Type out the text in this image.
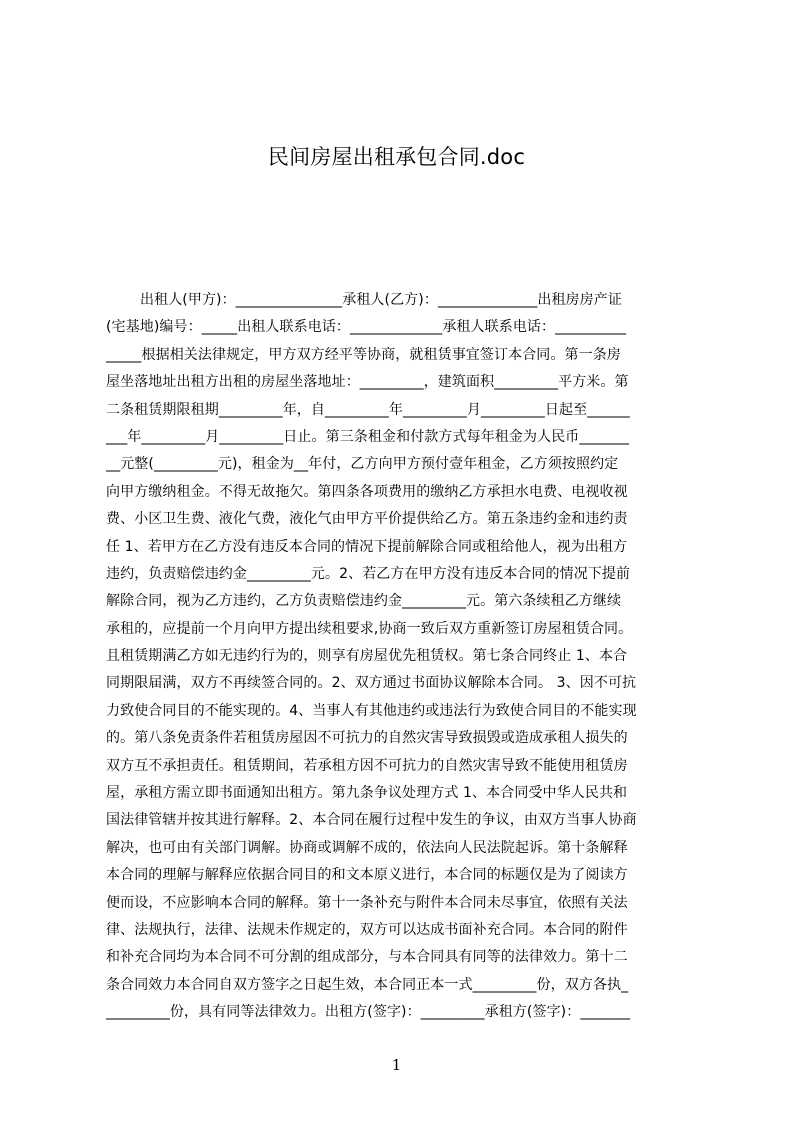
民间房屋出租承包合同.doc
出租人(甲方)：_______________承租人(乙方)：______________出租房房产证
(宅基地)编号：_____出租人联系电话：_____________承租人联系电话：__________
_____根据相关法律规定，甲方双方经平等协商，就租赁事宜签订本合同。第一条房
屋坐落地址出租方出租的房屋坐落地址：_________，建筑面积_________平方米。第
二条租赁期限租期_________年，自_________年_________月_________日起至______
___年_________月_________日止。第三条租金和付款方式每年租金为人民币_______
__元整(_________元)，租金为__年付，乙方向甲方预付壹年租金，乙方须按照约定
向甲方缴纳租金。不得无故拖欠。第四条各项费用的缴纳乙方承担水电费、电视收视
费、小区卫生费、液化气费，液化气由甲方平价提供给乙方。第五条违约金和违约责
任 1、若甲方在乙方没有违反本合同的情况下提前解除合同或租给他人，视为出租方
违约，负责赔偿违约金_________元。2、若乙方在甲方没有违反本合同的情况下提前
解除合同，视为乙方违约，乙方负责赔偿违约金_________元。第六条续租乙方继续
承租的，应提前一个月向甲方提出续租要求,协商一致后双方重新签订房屋租赁合同。
且租赁期满乙方如无违约行为的，则享有房屋优先租赁权。第七条合同终止 1、本合
同期限届满，双方不再续签合同的。2、双方通过书面协议解除本合同。 3、因不可抗
力致使合同目的不能实现的。4、当事人有其他违约或违法行为致使合同目的不能实现
的。第八条免责条件若租赁房屋因不可抗力的自然灾害导致损毁或造成承租人损失的
双方互不承担责任。租赁期间，若承租方因不可抗力的自然灾害导致不能使用租赁房
屋，承租方需立即书面通知出租方。第九条争议处理方式 1、本合同受中华人民共和
国法律管辖并按其进行解释。2、本合同在履行过程中发生的争议，由双方当事人协商
解决，也可由有关部门调解。协商或调解不成的，依法向人民法院起诉。第十条解释
本合同的理解与解释应依据合同目的和文本原义进行，本合同的标题仅是为了阅读方
便而设，不应影响本合同的解释。第十一条补充与附件本合同未尽事宜，依照有关法
律、法规执行，法律、法规未作规定的，双方可以达成书面补充合同。本合同的附件
和补充合同均为本合同不可分割的组成部分，与本合同具有同等的法律效力。第十二
条合同效力本合同自双方签字之日起生效，本合同正本一式_________份，双方各执_
_________份，具有同等法律效力。出租方(签字)：_________承租方(签字)：_______
1
